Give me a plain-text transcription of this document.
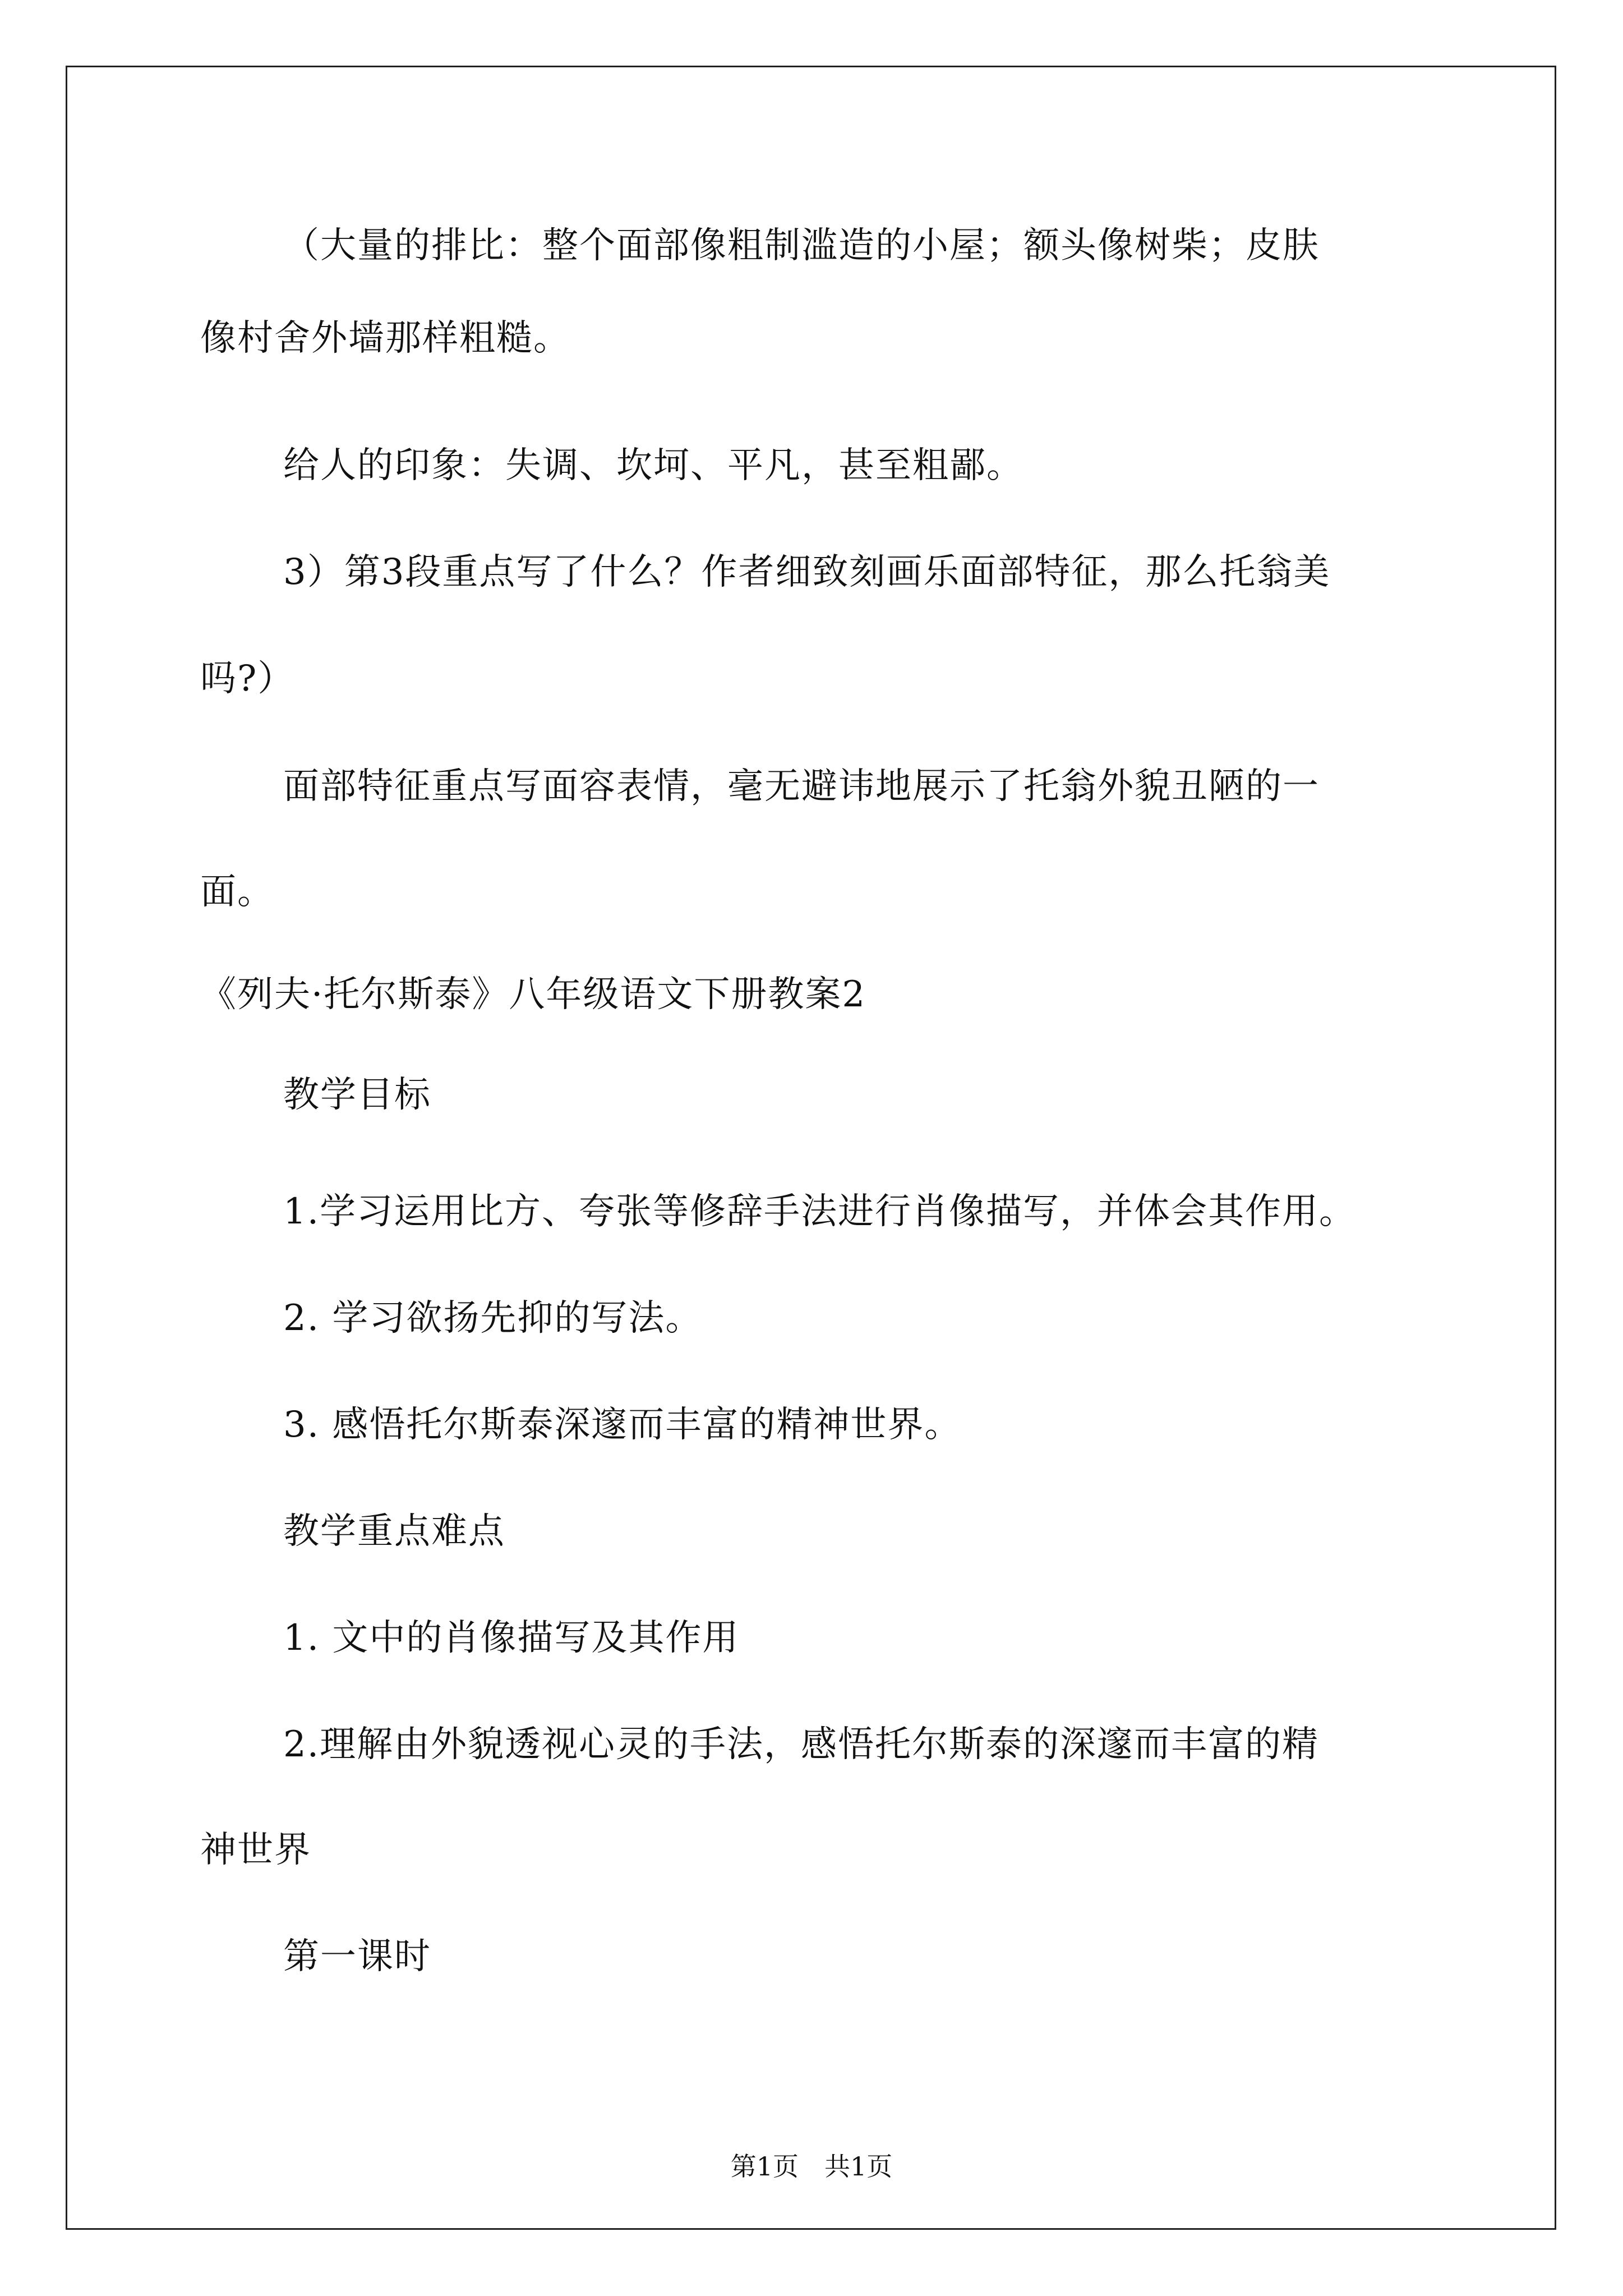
（大量的排比：整个面部像粗制滥造的小屋；额头像树柴；皮肤
像村舍外墙那样粗糙。
给人的印象：失调、坎坷、平凡，甚至粗鄙。
3）第3段重点写了什么？作者细致刻画乐面部特征，那么托翁美
吗?）
面部特征重点写面容表情，毫无避讳地展示了托翁外貌丑陋的一
面。
《列夫·托尔斯泰》八年级语文下册教案2
教学目标
1.学习运用比方、夸张等修辞手法进行肖像描写，并体会其作用。
2. 学习欲扬先抑的写法。
3. 感悟托尔斯泰深邃而丰富的精神世界。
教学重点难点
1. 文中的肖像描写及其作用
2.理解由外貌透视心灵的手法，感悟托尔斯泰的深邃而丰富的精
神世界
第一课时
第1页　共1页
